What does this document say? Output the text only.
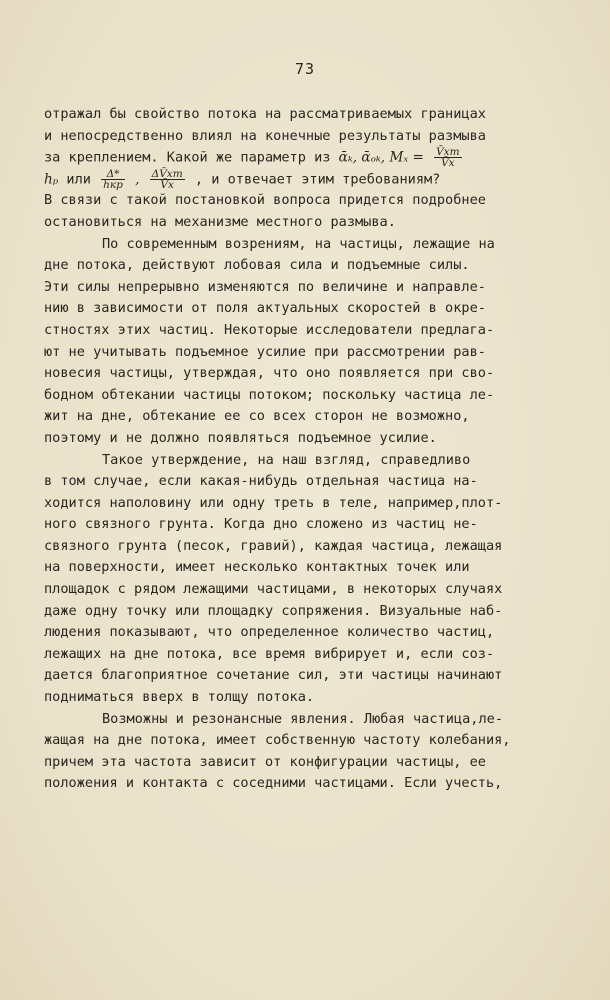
73
отражал бы свойство потока на рассматриваемых границах
и непосредственно влиял на конечные результаты размыва
за креплением. Какой же параметр из ᾱₖ, ᾱₒₖ, $M_x = \frac{V̄xm}{V̄x}$
hₚ или $\frac{\Delta*}{\text{hкр}}$ , $\frac{\Delta V̄xm}{V̄x}$ , и отвечает этим требованиям?
В связи с такой постановкой вопроса придется подробнее
остановиться на механизме местного размыва.
По современным возрениям, на частицы, лежащие на
дне потока, действуют лобовая сила и подъемные силы.
Эти силы непрерывно изменяются по величине и направле-
нию в зависимости от поля актуальных скоростей в окре-
стностях этих частиц. Некоторые исследователи предлага-
ют не учитывать подъемное усилие при рассмотрении рав-
новесия частицы, утверждая, что оно появляется при сво-
бодном обтекании частицы потоком; поскольку частица ле-
жит на дне, обтекание ее со всех сторон не возможно,
поэтому и не должно появляться подъемное усилие.
Такое утверждение, на наш взгляд, справедливо
в том случае, если какая-нибудь отдельная частица на-
ходится наполовину или одну треть в теле, например,плот-
ного связного грунта. Когда дно сложено из частиц не-
связного грунта (песок, гравий), каждая частица, лежащая
на поверхности, имеет несколько контактных точек или
площадок с рядом лежащими частицами, в некоторых случаях
даже одну точку или площадку сопряжения. Визуальные наб-
людения показывают, что определенное количество частиц,
лежащих на дне потока, все время вибрирует и, если соз-
дается благоприятное сочетание сил, эти частицы начинают
подниматься вверх в толщу потока.
Возможны и резонансные явления. Любая частица,ле-
жащая на дне потока, имеет собственную частоту колебания,
причем эта частота зависит от конфигурации частицы, ее
положения и контакта с соседними частицами. Если учесть,
